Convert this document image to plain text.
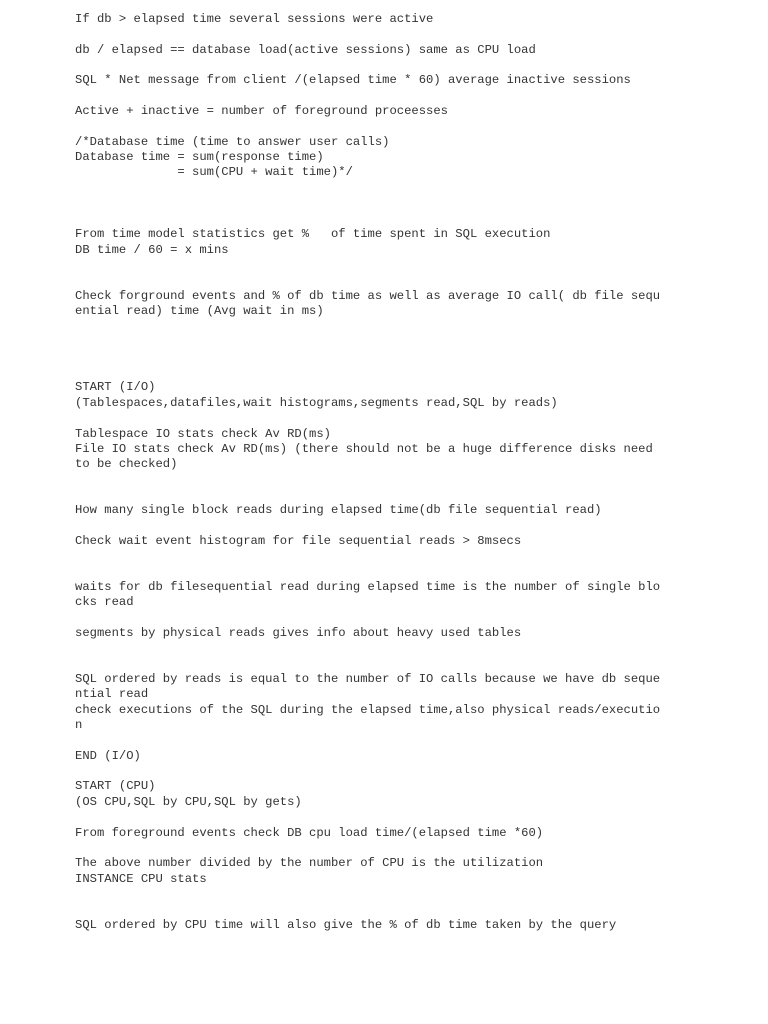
If db > elapsed time several sessions were active

db / elapsed == database load(active sessions) same as CPU load

SQL * Net message from client /(elapsed time * 60) average inactive sessions

Active + inactive = number of foreground proceesses

/*Database time (time to answer user calls)

Database time = sum(response time)

= sum(CPU + wait time)*/

From time model statistics get %   of time spent in SQL execution

DB time / 60 = x mins

Check forground events and % of db time as well as average IO call( db file sequ

ential read) time (Avg wait in ms)

START (I/O)

(Tablespaces,datafiles,wait histograms,segments read,SQL by reads)

Tablespace IO stats check Av RD(ms)

File IO stats check Av RD(ms) (there should not be a huge difference disks need

to be checked)

How many single block reads during elapsed time(db file sequential read)

Check wait event histogram for file sequential reads > 8msecs

waits for db filesequential read during elapsed time is the number of single blo

cks read

segments by physical reads gives info about heavy used tables

SQL ordered by reads is equal to the number of IO calls because we have db seque

ntial read

check executions of the SQL during the elapsed time,also physical reads/executio

n

END (I/O)

START (CPU)

(OS CPU,SQL by CPU,SQL by gets)

From foreground events check DB cpu load time/(elapsed time *60)

The above number divided by the number of CPU is the utilization

INSTANCE CPU stats

SQL ordered by CPU time will also give the % of db time taken by the query
